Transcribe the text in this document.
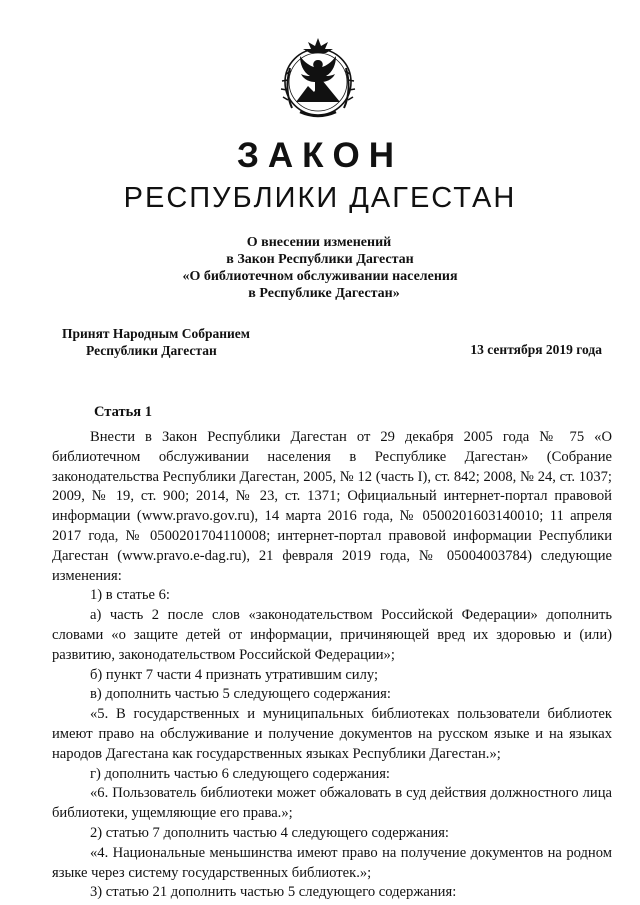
ЗАКОН
РЕСПУБЛИКИ ДАГЕСТАН
О внесении изменений
в Закон Республики Дагестан
«О библиотечном обслуживании населения
в Республике Дагестан»
Принят Народным Собранием
Республики Дагестан	13 сентября 2019 года
Статья 1

Внести в Закон Республики Дагестан от 29 декабря 2005 года № 75 «О библиотечном обслуживании населения в Республике Дагестан» (Собрание законодательства Республики Дагестан, 2005, № 12 (часть I), ст. 842; 2008, № 24, ст. 1037; 2009, № 19, ст. 900; 2014, № 23, ст. 1371; Официальный интернет-портал правовой информации (www.pravo.gov.ru), 14 марта 2016 года, № 0500201603140010; 11 апреля 2017 года, № 0500201704110008; интернет-портал правовой информации Республики Дагестан (www.pravo.e-dag.ru), 21 февраля 2019 года, № 05004003784) следующие изменения:

1) в статье 6:

а) часть 2 после слов «законодательством Российской Федерации» дополнить словами «о защите детей от информации, причиняющей вред их здоровью и (или) развитию, законодательством Российской Федерации»;

б) пункт 7 части 4 признать утратившим силу;

в) дополнить частью 5 следующего содержания:

«5. В государственных и муниципальных библиотеках пользователи библиотек имеют право на обслуживание и получение документов на русском языке и на языках народов Дагестана как государственных языках Республики Дагестан.»;

г) дополнить частью 6 следующего содержания:

«6. Пользователь библиотеки может обжаловать в суд действия должностного лица библиотеки, ущемляющие его права.»;

2) статью 7 дополнить частью 4 следующего содержания:

«4. Национальные меньшинства имеют право на получение документов на родном языке через систему государственных библиотек.»;

3) статью 21 дополнить частью 5 следующего содержания:
